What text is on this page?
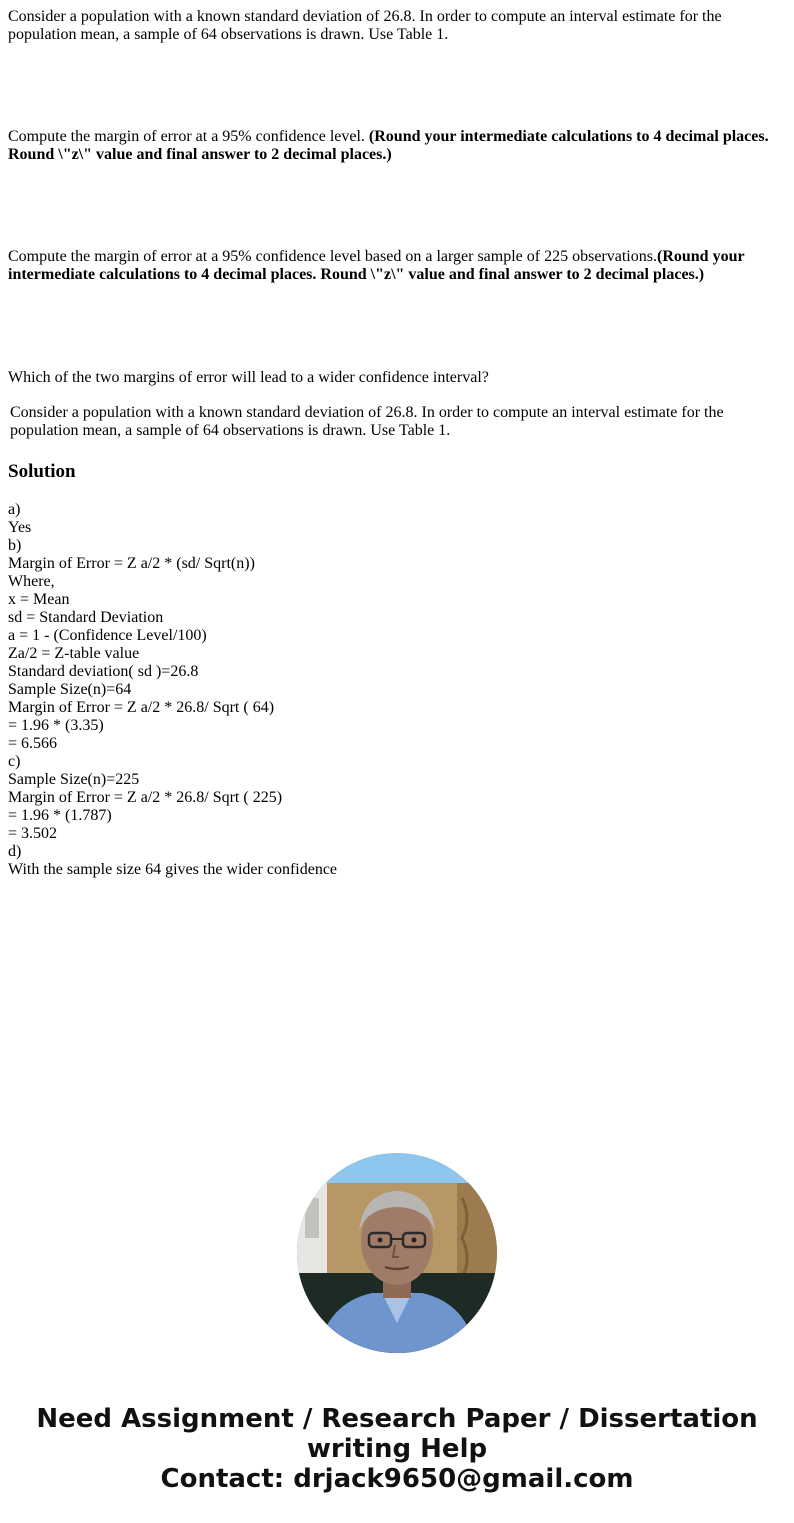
Consider a population with a known standard deviation of 26.8. In order to compute an interval estimate for the population mean, a sample of 64 observations is drawn. Use Table 1.

Compute the margin of error at a 95% confidence level. (Round your intermediate calculations to 4 decimal places. Round \"z\" value and final answer to 2 decimal places.)

Compute the margin of error at a 95% confidence level based on a larger sample of 225 observations.(Round your intermediate calculations to 4 decimal places. Round \"z\" value and final answer to 2 decimal places.)

Which of the two margins of error will lead to a wider confidence interval?

Consider a population with a known standard deviation of 26.8. In order to compute an interval estimate for the population mean, a sample of 64 observations is drawn. Use Table 1.

Solution
a)
Yes
b)
Margin of Error = Z a/2 * (sd/ Sqrt(n))
Where,
x = Mean
sd = Standard Deviation
a = 1 - (Confidence Level/100)
Za/2 = Z-table value
Standard deviation( sd )=26.8
Sample Size(n)=64
Margin of Error = Z a/2 * 26.8/ Sqrt ( 64)
= 1.96 * (3.35)
= 6.566
c)
Sample Size(n)=225
Margin of Error = Z a/2 * 26.8/ Sqrt ( 225)
= 1.96 * (1.787)
= 3.502
d)
With the sample size 64 gives the wider confidence
Need Assignment / Research Paper / Dissertation
writing Help
Contact: drjack9650@gmail.com
